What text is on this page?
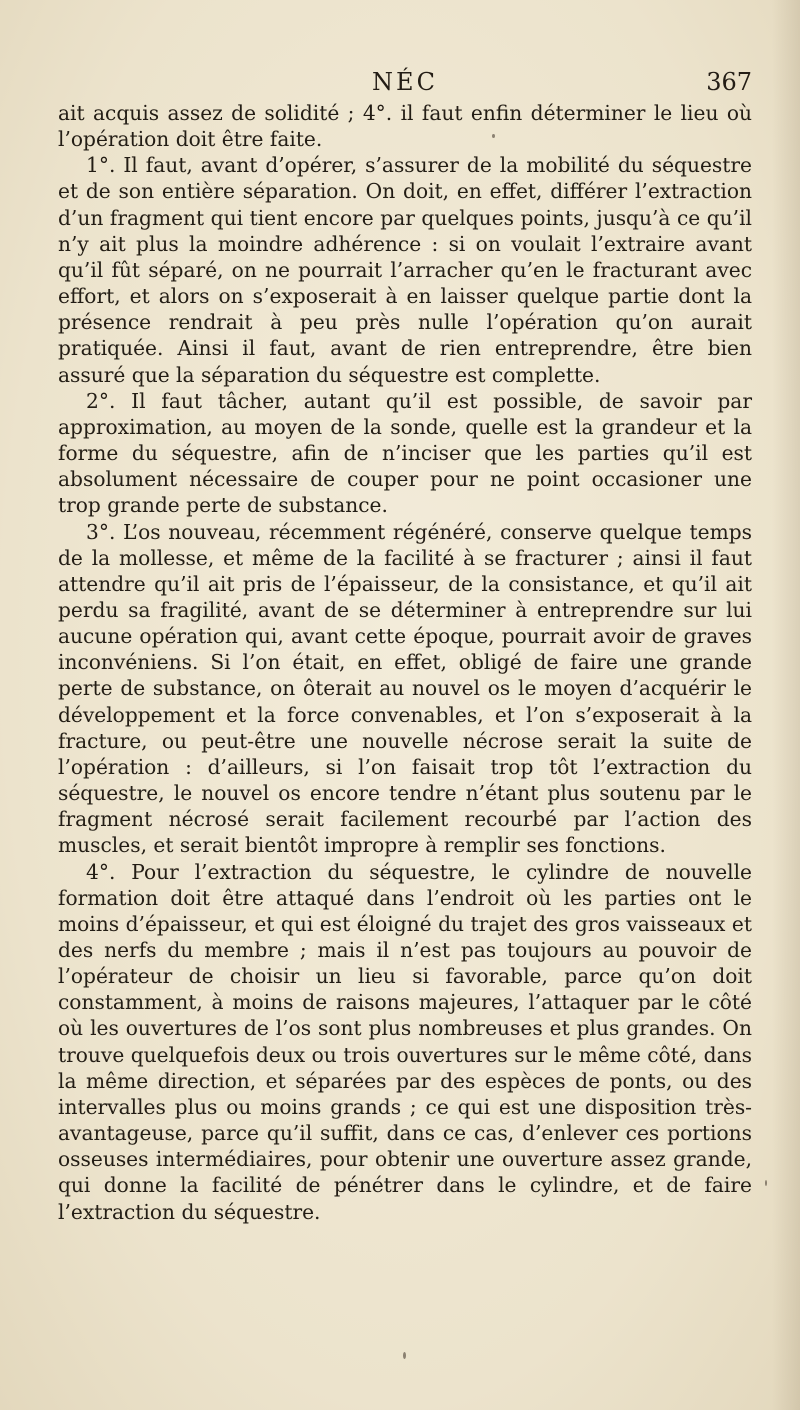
NÉC	367

ait acquis assez de solidité ; 4°. il faut enfin déterminer le lieu où l’opération doit être faite.

1°. Il faut, avant d’opérer, s’assurer de la mobilité du séquestre et de son entière séparation. On doit, en effet, différer l’extraction d’un fragment qui tient encore par quelques points, jusqu’à ce qu’il n’y ait plus la moindre adhérence : si on voulait l’extraire avant qu’il fût séparé, on ne pourrait l’arracher qu’en le fracturant avec effort, et alors on s’exposerait à en laisser quelque partie dont la présence rendrait à peu près nulle l’opération qu’on aurait pratiquée. Ainsi il faut, avant de rien entreprendre, être bien assuré que la séparation du séquestre est complette.

2°. Il faut tâcher, autant qu’il est possible, de savoir par approximation, au moyen de la sonde, quelle est la grandeur et la forme du séquestre, afin de n’inciser que les parties qu’il est absolument nécessaire de couper pour ne point occasioner une trop grande perte de substance.

3°. L’os nouveau, récemment régénéré, conserve quelque temps de la mollesse, et même de la facilité à se fracturer ; ainsi il faut attendre qu’il ait pris de l’épaisseur, de la consistance, et qu’il ait perdu sa fragilité, avant de se déterminer à entreprendre sur lui aucune opération qui, avant cette époque, pourrait avoir de graves inconvéniens. Si l’on était, en effet, obligé de faire une grande perte de substance, on ôterait au nouvel os le moyen d’acquérir le développement et la force convenables, et l’on s’exposerait à la fracture, ou peut-être une nouvelle nécrose serait la suite de l’opération : d’ailleurs, si l’on faisait trop tôt l’extraction du séquestre, le nouvel os encore tendre n’étant plus soutenu par le fragment nécrosé serait facilement recourbé par l’action des muscles, et serait bientôt impropre à remplir ses fonctions.

4°. Pour l’extraction du séquestre, le cylindre de nouvelle formation doit être attaqué dans l’endroit où les parties ont le moins d’épaisseur, et qui est éloigné du trajet des gros vaisseaux et des nerfs du membre ; mais il n’est pas toujours au pouvoir de l’opérateur de choisir un lieu si favorable, parce qu’on doit constamment, à moins de raisons majeures, l’attaquer par le côté où les ouvertures de l’os sont plus nombreuses et plus grandes. On trouve quelquefois deux ou trois ouvertures sur le même côté, dans la même direction, et séparées par des espèces de ponts, ou des intervalles plus ou moins grands ; ce qui est une disposition très-avantageuse, parce qu’il suffit, dans ce cas, d’enlever ces portions osseuses intermédiaires, pour obtenir une ouverture assez grande, qui donne la facilité de pénétrer dans le cylindre, et de faire l’extraction du séquestre.
